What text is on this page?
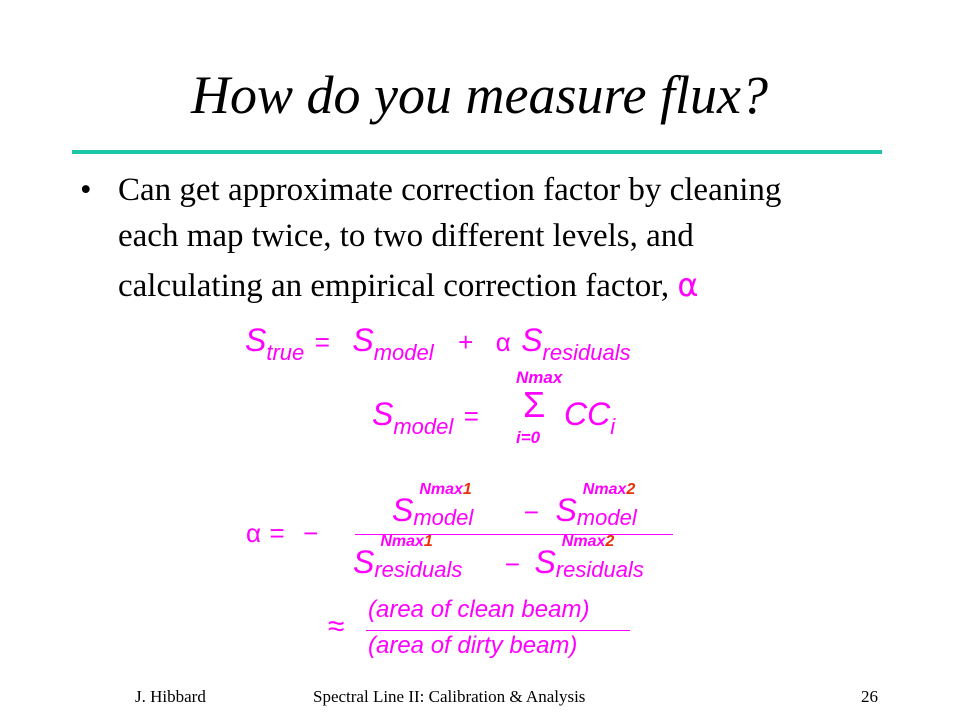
How do you measure flux?
• Can get approximate correction factor by cleaning
each map twice, to two different levels, and
calculating an empirical correction factor, α
Strue = Smodel + α Sresiduals
Smodel =
Nmax
Σ
i=0
CCi
α = −
S
Nmax1
model − S
Nmax2
model
S
Nmax1
residuals − S
Nmax2
residuals
≈
(area of clean beam)
(area of dirty beam)
J. Hibbard	Spectral Line II: Calibration & Analysis	26
